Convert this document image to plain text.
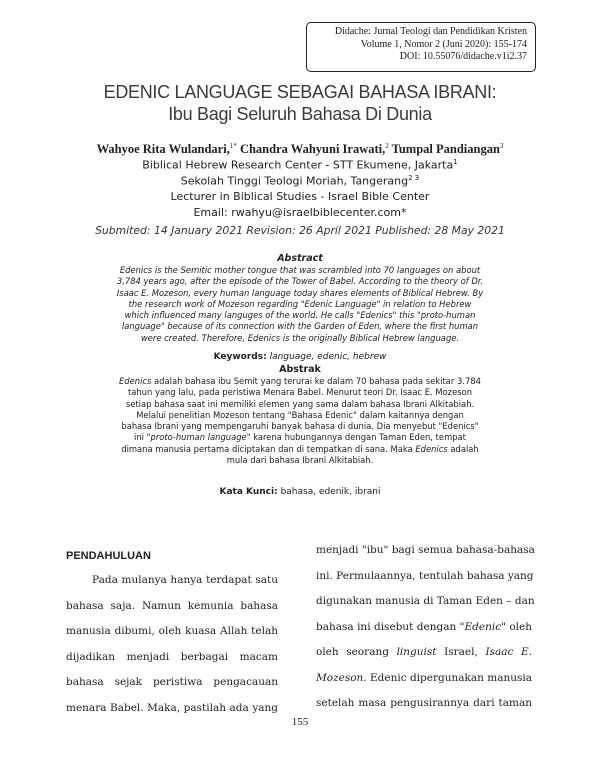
Didache: Jurnal Teologi dan Pendidikan Kristen
Volume 1, Nomor 2 (Juni 2020): 155-174
DOI: 10.55076/didache.v1i2.37
EDENIC LANGUAGE SEBAGAI BAHASA IBRANI:
Ibu Bagi Seluruh Bahasa Di Dunia
Wahyoe Rita Wulandari,$^{1*}$ Chandra Wahyuni Irawati,$^2$ Tumpal Pandiangan$^3$
Biblical Hebrew Research Center - STT Ekumene, Jakarta$^1$
Sekolah Tinggi Teologi Moriah, Tangerang$^{2 3}$
Lecturer in Biblical Studies - Israel Bible Center
Email: rwahyu@israelbiblecenter.com*
Submited: 14 January 2021 Revision: 26 April 2021 Published: 28 May 2021
Abstract
Edenics is the Semitic mother tongue that was scrambled into 70 languages on about
3,784 years ago, after the episode of the Tower of Babel. According to the theory of Dr.
Isaac E. Mozeson, every human language today shares elements of Biblical Hebrew. By
the research work of Mozeson regarding "Edenic Language" in relation to Hebrew
which influenced many languges of the world. He calls "Edenics" this "proto-human
language" because of its connection with the Garden of Eden, where the first human
were created. Therefore, Edenics is the originally Biblical Hebrew language.
Keywords: language, edenic, hebrew
Abstrak
Edenics adalah bahasa ibu Semit yang terurai ke dalam 70 bahasa pada sekitar 3.784
tahun yang lalu, pada peristiwa Menara Babel. Menurut teori Dr. Isaac E. Mozeson
setiap bahasa saat ini memiliki elemen yang sama dalam bahasa Ibrani Alkitabiah.
Melalui penelitian Mozeson tentang "Bahasa Edenic" dalam kaitannya dengan
bahasa Ibrani yang mempengaruhi banyak bahasa di dunia. Dia menyebut "Edenics"
ini "proto-human language" karena hubungannya dengan Taman Eden, tempat
dimana manusia pertama diciptakan dan di tempatkan di sana. Maka Edenics adalah
mula dari bahasa Ibrani Alkitabiah.
Kata Kunci: bahasa, edenik, ibrani
PENDAHULUAN
Pada mulanya hanya terdapat satu
bahasa saja. Namun kemunia bahasa
manusia dibumi, oleh kuasa Allah telah
dijadikan menjadi berbagai macam
bahasa sejak peristiwa pengacauan
menara Babel. Maka, pastilah ada yang
menjadi "ibu" bagi semua bahasa-bahasa
ini. Permulaannya, tentulah bahasa yang
digunakan manusia di Taman Eden – dan
bahasa ini disebut dengan "Edenic" oleh
oleh seorang linguist Israel, Isaac E.
Mozeson. Edenic dipergunakan manusia
setelah masa pengusirannya dari taman
155
